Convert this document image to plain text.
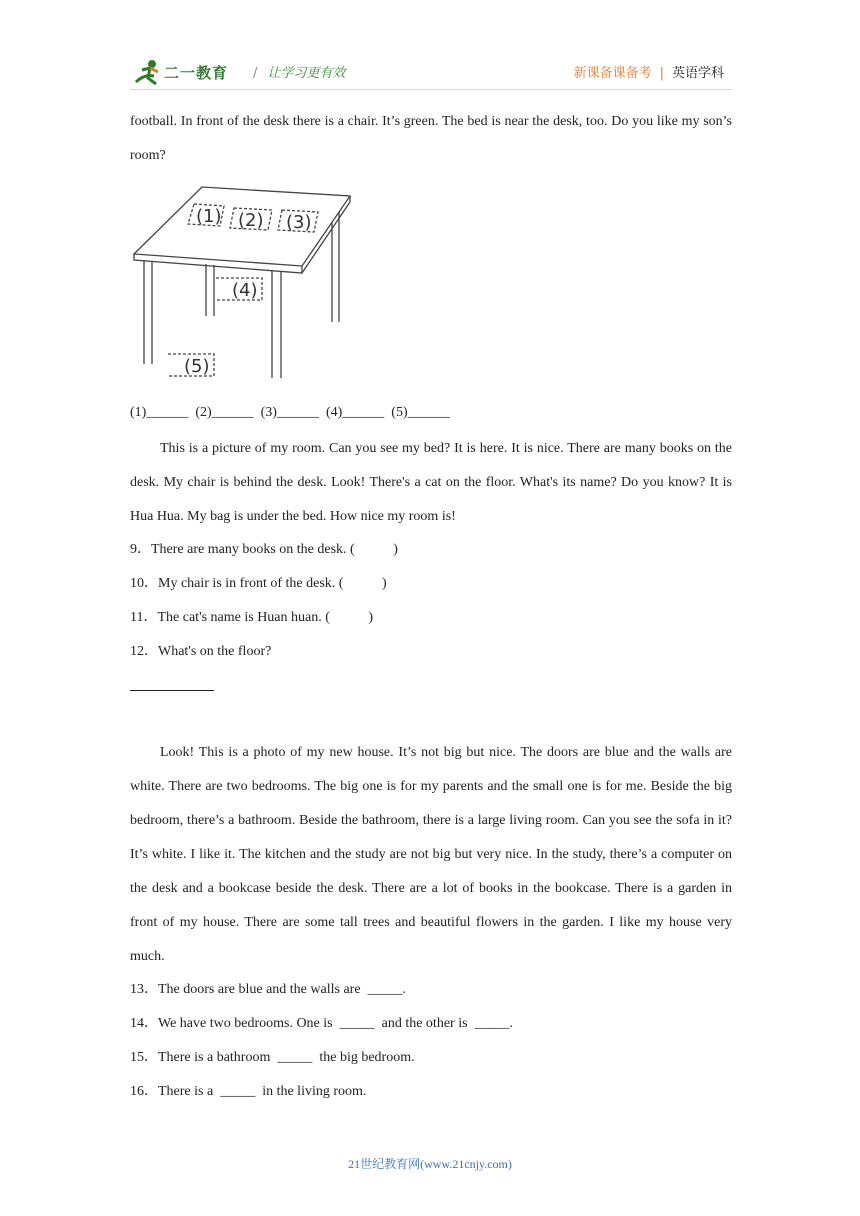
二一教育 / 让学习更有效	新课备课备考 | 英语学科

football. In front of the desk there is a chair. It’s green. The bed is near the desk, too. Do you like my son’s room?

(1) (2) (3)
(4)
(5)
(1)______  (2)______  (3)______  (4)______  (5)______

This is a picture of my room. Can you see my bed? It is here. It is nice. There are many books on the desk. My chair is behind the desk. Look! There's a cat on the floor. What's its name? Do you know? It is Hua Hua. My bag is under the bed. How nice my room is!

9．There are many books on the desk. (           )
10．My chair is in front of the desk. (           )
11．The cat's name is Huan huan. (           )
12．What's on the floor?

Look! This is a photo of my new house. It’s not big but nice. The doors are blue and the walls are white. There are two bedrooms. The big one is for my parents and the small one is for me. Beside the big bedroom, there’s a bathroom. Beside the bathroom, there is a large living room. Can you see the sofa in it? It’s white. I like it. The kitchen and the study are not big but very nice. In the study, there’s a computer on the desk and a bookcase beside the desk. There are a lot of books in the bookcase. There is a garden in front of my house. There are some tall trees and beautiful flowers in the garden. I like my house very much.

13．The doors are blue and the walls are  _____.
14．We have two bedrooms. One is  _____  and the other is  _____.
15．There is a bathroom  _____  the big bedroom.
16．There is a  _____  in the living room.
21世纪教育网(www.21cnjy.com)
